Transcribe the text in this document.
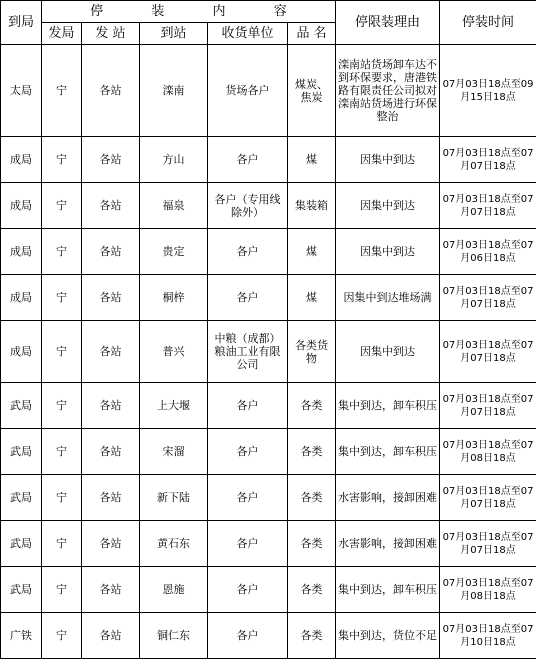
到局	停 装 内 容					停限装理由	停装时间
	发局	发 站	到站	收货单位	品 名		
太局	宁	各站	滦南	货场各户	煤炭、焦炭	滦南站货场卸车达不到环保要求，唐港铁路有限责任公司拟对滦南站货场进行环保整治	07月03日18点至09月15日18点
成局	宁	各站	方山	各户	煤	因集中到达	07月03日18点至07月07日18点
成局	宁	各站	福泉	各户（专用线除外）	集装箱	因集中到达	07月03日18点至07月07日18点
成局	宁	各站	贵定	各户	煤	因集中到达	07月03日18点至07月06日18点
成局	宁	各站	桐梓	各户	煤	因集中到达堆场满	07月03日18点至07月07日18点
成局	宁	各站	普兴	中粮（成都）粮油工业有限公司	各类货物	因集中到达	07月03日18点至07月07日18点
武局	宁	各站	上大堰	各户	各类	集中到达，卸车积压	07月03日18点至07月07日18点
武局	宁	各站	宋溜	各户	各类	集中到达，卸车积压	07月03日18点至07月08日18点
武局	宁	各站	新下陆	各户	各类	水害影响，接卸困难	07月03日18点至07月07日18点
武局	宁	各站	黄石东	各户	各类	水害影响，接卸困难	07月03日18点至07月07日18点
武局	宁	各站	恩施	各户	各类	集中到达，卸车积压	07月03日18点至07月08日18点
广铁	宁	各站	铜仁东	各户	各类	集中到达，货位不足	07月03日18点至07月10日18点
